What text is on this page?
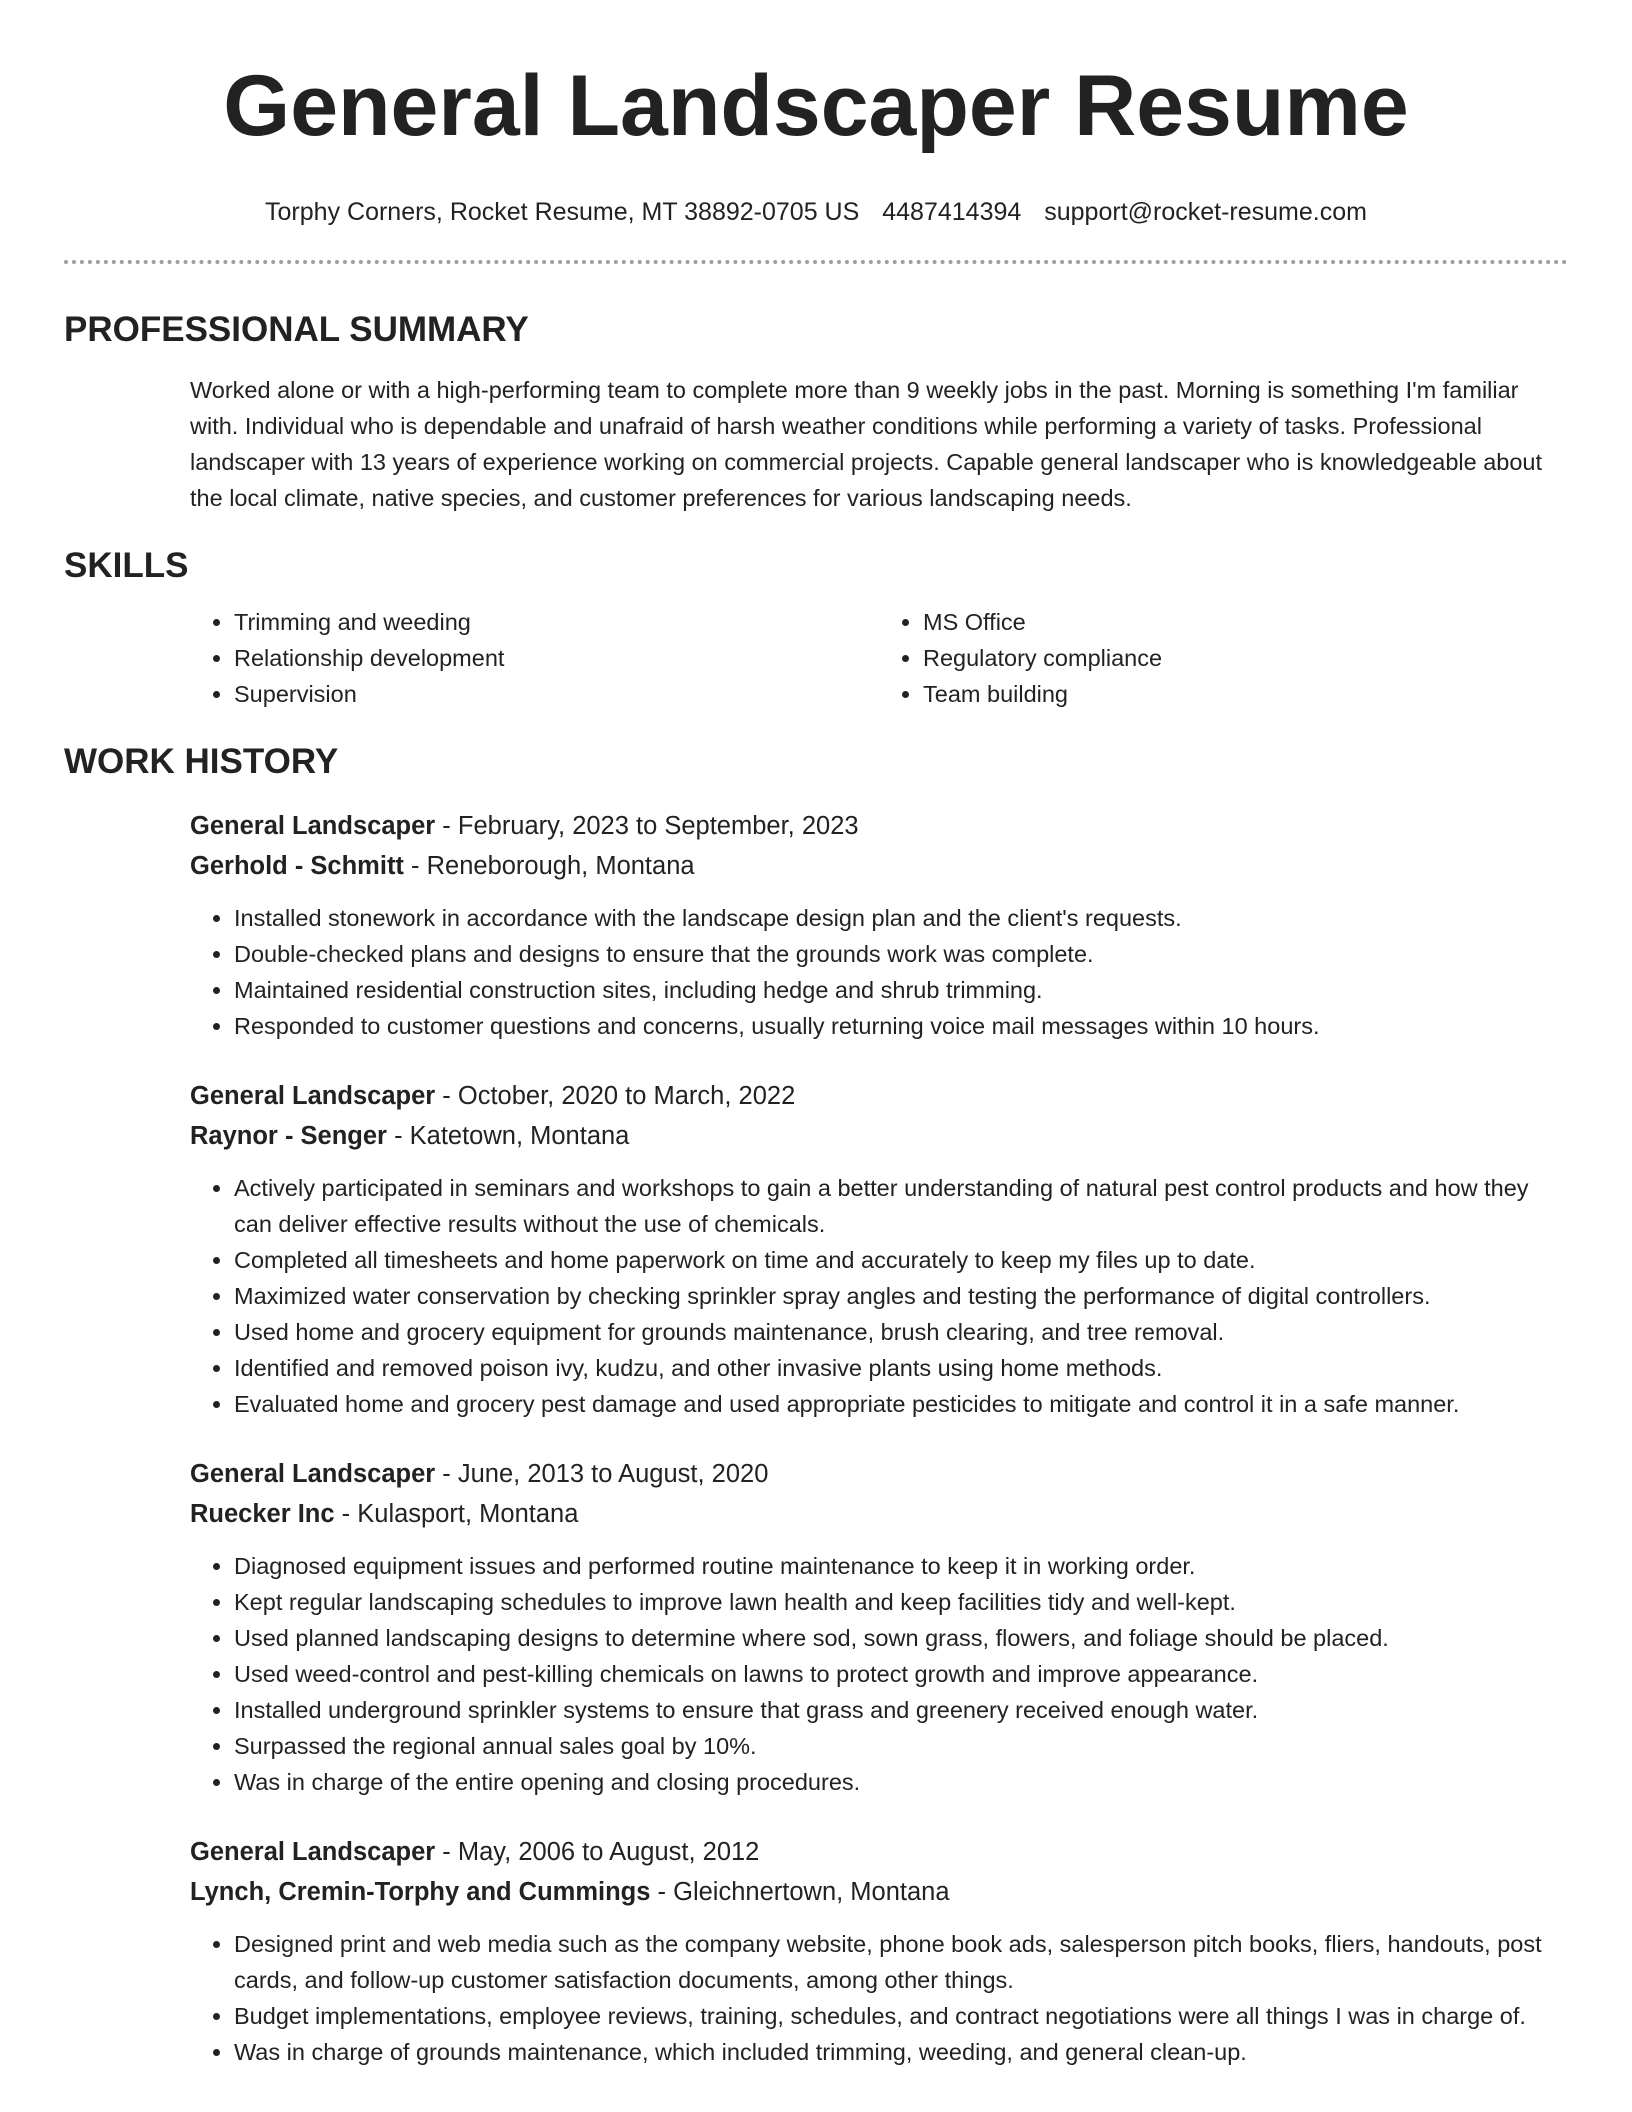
General Landscaper Resume
Torphy Corners, Rocket Resume, MT 38892-0705 US 4487414394 support@rocket-resume.com
PROFESSIONAL SUMMARY

Worked alone or with a high-performing team to complete more than 9 weekly jobs in the past. Morning is something I'm familiar with. Individual who is dependable and unafraid of harsh weather conditions while performing a variety of tasks. Professional landscaper with 13 years of experience working on commercial projects. Capable general landscaper who is knowledgeable about the local climate, native species, and customer preferences for various landscaping needs.

SKILLS
• Trimming and weeding
• Relationship development
• Supervision
• MS Office
• Regulatory compliance
• Team building
WORK HISTORY
General Landscaper - February, 2023 to September, 2023
Gerhold - Schmitt - Reneborough, Montana
• Installed stonework in accordance with the landscape design plan and the client's requests.
• Double-checked plans and designs to ensure that the grounds work was complete.
• Maintained residential construction sites, including hedge and shrub trimming.
• Responded to customer questions and concerns, usually returning voice mail messages within 10 hours.
General Landscaper - October, 2020 to March, 2022
Raynor - Senger - Katetown, Montana
• Actively participated in seminars and workshops to gain a better understanding of natural pest control products and how they can deliver effective results without the use of chemicals.
• Completed all timesheets and home paperwork on time and accurately to keep my files up to date.
• Maximized water conservation by checking sprinkler spray angles and testing the performance of digital controllers.
• Used home and grocery equipment for grounds maintenance, brush clearing, and tree removal.
• Identified and removed poison ivy, kudzu, and other invasive plants using home methods.
• Evaluated home and grocery pest damage and used appropriate pesticides to mitigate and control it in a safe manner.
General Landscaper - June, 2013 to August, 2020
Ruecker Inc - Kulasport, Montana
• Diagnosed equipment issues and performed routine maintenance to keep it in working order.
• Kept regular landscaping schedules to improve lawn health and keep facilities tidy and well-kept.
• Used planned landscaping designs to determine where sod, sown grass, flowers, and foliage should be placed.
• Used weed-control and pest-killing chemicals on lawns to protect growth and improve appearance.
• Installed underground sprinkler systems to ensure that grass and greenery received enough water.
• Surpassed the regional annual sales goal by 10%.
• Was in charge of the entire opening and closing procedures.
General Landscaper - May, 2006 to August, 2012
Lynch, Cremin-Torphy and Cummings - Gleichnertown, Montana
• Designed print and web media such as the company website, phone book ads, salesperson pitch books, fliers, handouts, post cards, and follow-up customer satisfaction documents, among other things.
• Budget implementations, employee reviews, training, schedules, and contract negotiations were all things I was in charge of.
• Was in charge of grounds maintenance, which included trimming, weeding, and general clean-up.
